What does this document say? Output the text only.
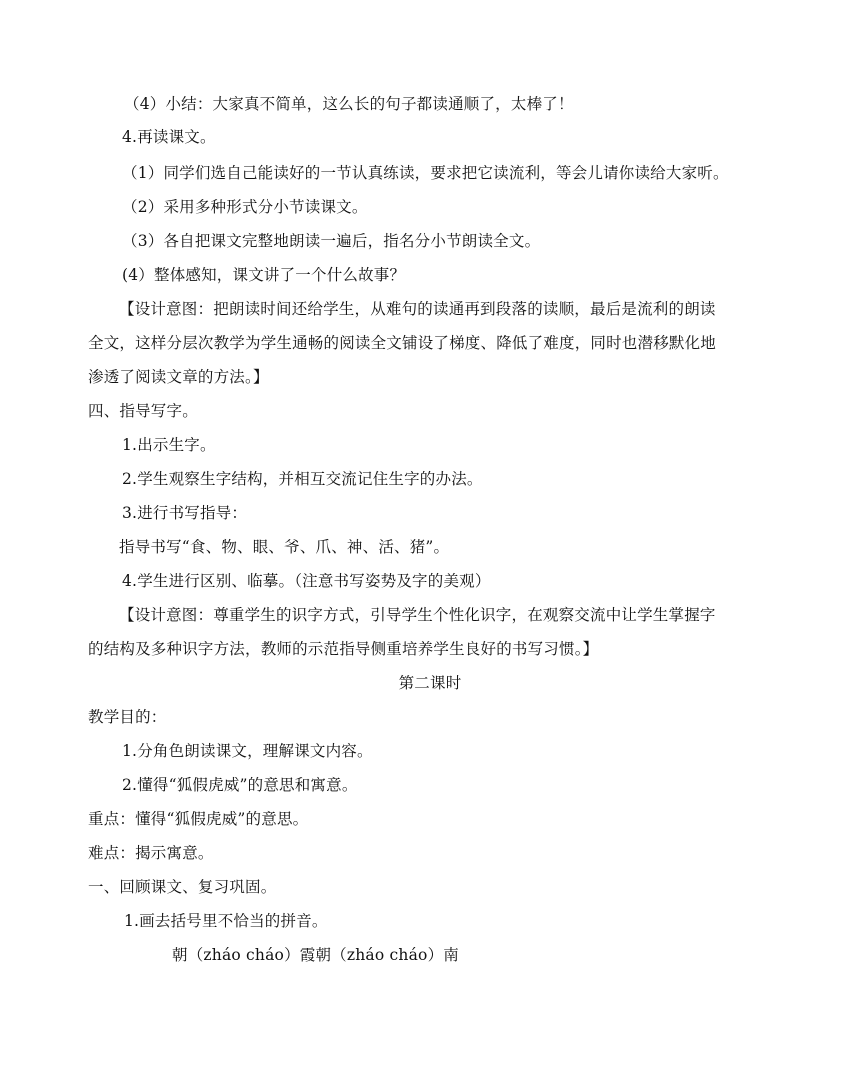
（4）小结：大家真不简单，这么长的句子都读通顺了，太棒了！
4.再读课文。
（1）同学们选自己能读好的一节认真练读，要求把它读流利，等会儿请你读给大家听。
（2）采用多种形式分小节读课文。
（3）各自把课文完整地朗读一遍后，指名分小节朗读全文。
(4）整体感知，课文讲了一个什么故事？
【设计意图：把朗读时间还给学生，从难句的读通再到段落的读顺，最后是流利的朗读
全文，这样分层次教学为学生通畅的阅读全文铺设了梯度、降低了难度，同时也潜移默化地
渗透了阅读文章的方法。】
四、指导写字。
1.出示生字。
2.学生观察生字结构，并相互交流记住生字的办法。
3.进行书写指导：
指导书写“食、物、眼、爷、爪、神、活、猪”。
4.学生进行区别、临摹。（注意书写姿势及字的美观）
【设计意图：尊重学生的识字方式，引导学生个性化识字，在观察交流中让学生掌握字
的结构及多种识字方法，教师的示范指导侧重培养学生良好的书写习惯。】
第二课时
教学目的：
1.分角色朗读课文，理解课文内容。
2.懂得“狐假虎威”的意思和寓意。
重点：懂得“狐假虎威”的意思。
难点：揭示寓意。
一、回顾课文、复习巩固。
1.画去括号里不恰当的拼音。
朝（zháo cháo）霞朝（zháo cháo）南
